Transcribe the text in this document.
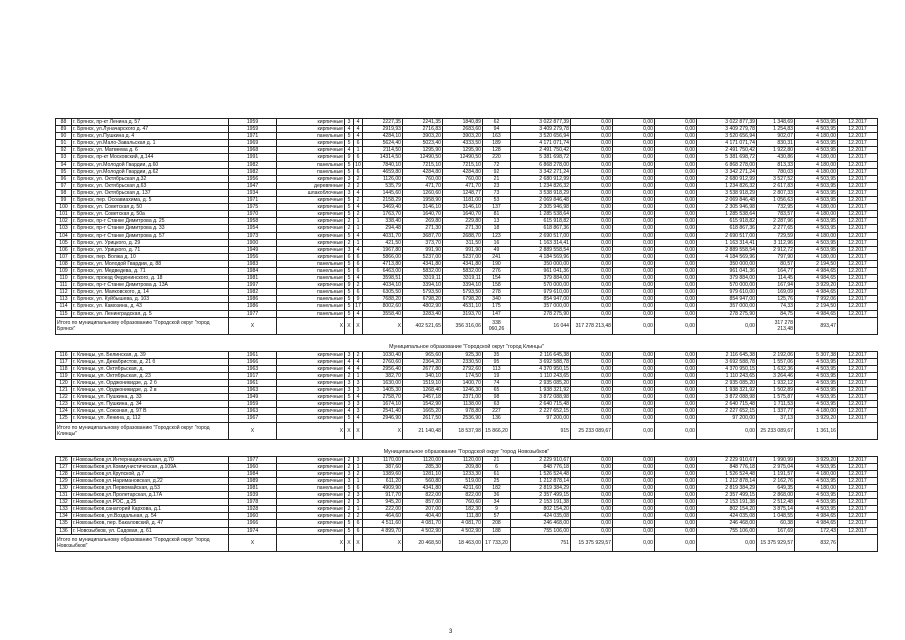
88	г. Брянск, пр-кт Ленина д. 57	1959	кирпичные	3	4	2227,35	2241,35	1840,89	62	3 022 877,39	0,00	0,00	0,00	3 022 877,39	1 348,69	4 503,95	12.2017	
89	г. Брянск, ул.Луначарского д. 47	1959	кирпичные	4	4	2919,93	2716,83	2683,60	94	3 409 279,78	0,00	0,00	0,00	3 409 279,78	1 254,83	4 503,95	12.2017	
90	г. Брянск, ул.Пушкина д. 4	1971	панельные	5	4	4284,10	3903,20	3903,20	163	3 520 656,94	0,00	0,00	0,00	3 520 656,94	902,07	4 180,00	12.2017	
91	г. Брянск, ул.Мало-Завальская д. 1	1969	кирпичные	5	6	5624,40	5023,40	4333,50	189	4 171 071,74	0,00	0,00	0,00	4 171 071,74	830,31	4 503,95	12.2017	
92	г. Брянск, ул. Матвеева д. 6	1968	кирпичные	4	1	2114,50	1295,90	1295,90	128	2 491 750,42	0,00	0,00	0,00	2 491 750,42	1 922,80	4 503,95	12.2017	
93	г. Брянск, пр-кт Московский, д.144	1991	кирпичные	9	6	14314,50	12490,50	12490,50	220	5 381 698,72	0,00	0,00	0,00	5 381 698,72	430,86	4 180,00	12.2017	
94	г. Брянск, ул.Молодой Гвардии, д.60	1982	панельные	5	10	7840,10	7215,10	7215,10	72	6 868 278,00	0,00	0,00	0,00	6 868 278,00	813,33	4 180,00	12.2017	
95	г. Брянск, ул.Молодой Гвардии, д.62	1982	панельные	5	6	4659,80	4284,80	4284,80	92	3 342 271,24	0,00	0,00	0,00	3 342 271,24	780,03	4 180,00	12.2017	
96	г. Брянск, ул. Октябрьская д.32	1956	кирпичные	3	2	1126,00	760,00	760,00	21	2 680 912,99	0,00	0,00	0,00	2 680 912,99	3 527,52	4 503,95	12.2017	
97	г. Брянск, ул. Октябрьская д.63	1947	деревянные	2	2	535,79	471,70	471,70	23	1 234 826,32	0,00	0,00	0,00	1 234 826,32	2 617,83	4 503,95	12.2017	
98	г. Брянск, ул. Октябрьская д. 137	1934	шлакоблочные	3	4	1445,60	1260,60	1248,77	73	3 538 918,29	0,00	0,00	0,00	3 538 918,29	2 807,33	4 503,95	12.2017	
99	г. Брянск, пер. Осоавиахима, д. 5	1971	кирпичные	5	2	2158,29	1958,90	1181,00	53	2 069 846,48	0,00	0,00	0,00	2 069 846,48	1 056,63	4 503,95	12.2017	
100	г. Брянск, ул. Советская д. 50	1975	кирпичные	5	4	3469,40	3146,10	3146,10	137	2 305 946,98	0,00	0,00	0,00	2 305 946,98	732,95	4 180,00	12.2017	
101	г. Брянск, ул. Советская д. 50а	1970	кирпичные	5	2	1763,70	1640,70	1640,70	81	1 285 538,64	0,00	0,00	0,00	1 285 538,64	783,57	4 180,00	12.2017	
102	г. Брянск, пр-т Станке Димитрова д. 25	1958	кирпичные	2	1	338,40	269,80	229,80	13	615 918,82	0,00	0,00	0,00	615 918,82	2 287,96	4 503,95	12.2017	
103	г. Брянск, пр-т Станке Димитрова д. 33	1954	кирпичные	2	1	294,48	271,30	271,30	18	618 867,36	0,00	0,00	0,00	618 867,36	2 277,65	4 503,95	12.2017	
104	г. Брянск, пр-т Станке Димитрова д. 57	1973	кирпичные	5	4	4031,70	3687,70	2688,70	123	2 690 517,00	0,00	0,00	0,00	2 690 517,00	729,59	4 180,00	12.2017	
105	г. Брянск, ул. Урицкого, д. 29	1900	кирпичные	2	1	421,50	373,70	311,50	16	1 163 314,41	0,00	0,00	0,00	1 163 314,41	3 112,96	4 503,95	12.2017	
106	г. Брянск, ул. Урицкого, д. 71	1949	кирпичные	3	4	1967,80	991,90	991,90	49	2 889 558,54	0,00	0,00	0,00	2 889 558,54	2 912,72	4 503,95	12.2017	
107	г. Брянск, пер. Волжа д. 10	1956	кирпичные	6	6	5866,00	5237,00	5237,00	241	4 184 569,96	0,00	0,00	0,00	4 184 569,96	797,90	4 180,00	12.2017	
108	г. Брянск, ул. Молодой Гвардии, д. 88	1983	панельные	5	6	4713,80	4341,80	4341,80	190	350 000,00	0,00	0,00	0,00	350 000,00	80,57	2 194,50	12.2017	
109	г. Брянск, ул. Медведева, д. 71	1984	панельные	5	6	6463,00	5832,00	5832,00	276	961 041,36	0,00	0,00	0,00	961 041,36	164,77	4 984,65	12.2017	
110	г. Брянск, проезд Федюнинского, д. 18	1981	панельные	5	4	3598,51	3319,11	3319,11	154	379 884,00	0,00	0,00	0,00	379 884,00	114,45	4 984,65	12.2017	
111	г. Брянск, пр-т Станке Димитрова д. 13А	1997	кирпичные	9	2	4034,10	3394,10	3394,10	158	570 000,00	0,00	0,00	0,00	570 000,00	167,94	3 929,20	12.2017	
112	г. Брянск, ул. Маяковского, д. 14	1982	панельные	5	6	6305,50	5793,50	5793,50	278	979 610,00	0,00	0,00	0,00	979 610,00	169,09	4 984,65	12.2017	
113	г. Брянск, ул. Куйбышева, д. 103	1986	панельные	5	9	7688,20	6798,20	6798,20	340	854 947,00	0,00	0,00	0,00	854 947,00	125,76	7 992,06	12.2017	
114	г. Брянск, ул. Камозина, д. 43	1986	панельные	5	17	8002,60	4802,90	4531,10	175	357 000,00	0,00	0,00	0,00	357 000,00	74,33	2 194,50	12.2017	
115	г. Брянск, ул. Ленинградская, д. 5	1977	панельные	5	4	3558,40	3283,40	3193,70	147	278 275,90	0,00	0,00	0,00	278 275,90	84,75	4 984,65	12.2017	
Итого по муниципальному образованию "Городской округ "город Брянск"		X	X	X	X	X	402 521,65	356 316,06	338 060,26	16 044	317 278 213,48	0,00	0,00	0,00	317 278 213,48	893,47		

Муниципальное образование "Городской округ "город Клинцы"																		
116	г. Клинцы, ул. Белинская, д. 39	1961	кирпичные	3	2	1030,40	965,60	925,30	35	2 116 645,38	0,00	0,00	0,00	2 116 645,38	2 192,06	5 307,38	12.2017	
117	г. Клинцы, ул. Декабристов, д. 21 б	1966	кирпичные	4	4	2760,60	2364,20	2330,50	95	3 692 588,78	0,00	0,00	0,00	3 692 588,78	1 557,06	4 503,95	12.2017	
118	г. Клинцы, ул. Октябрьская, д.	1963	кирпичные	4	4	2956,40	2677,80	2792,60	113	4 370 950,15	0,00	0,00	0,00	4 370 950,15	1 632,36	4 503,95	12.2017	
119	г. Клинцы, ул. Октябрьская, д. 23	1917	кирпичные	2	1	382,70	340,10	174,50	19	1 110 243,65	0,00	0,00	0,00	1 110 243,65	3 264,46	4 503,95	12.2017	
120	г. Клинцы, ул. Орджоникидзе, д. 2 б	1961	кирпичные	3	3	1630,00	1519,10	1400,70	74	2 935 085,20	0,00	0,00	0,00	2 935 085,20	1 932,12	4 503,95	12.2017	
121	г. Клинцы, ул. Орджоникидзе, д. 2 в	1963	кирпичные	3	3	1405,30	1268,40	1246,30	65	1 938 321,92	0,00	0,00	0,00	1 938 321,92	1 502,89	4 503,95	12.2017	
122	г. Клинцы, ул. Пушкина, д. 33	1949	кирпичные	5	4	2758,70	2457,18	2371,00	98	3 872 088,98	0,00	0,00	0,00	3 872 088,98	1 575,87	4 503,95	12.2017	
123	г. Клинцы, ул. Пушкина, д. 34	1959	кирпичные	3	3	1674,10	1542,90	1138,00	63	2 640 715,48	0,00	0,00	0,00	2 640 715,48	1 711,53	4 503,95	12.2017	
124	г. Клинцы, ул. Союзная, д. 97 В	1963	кирпичные	4	3	2541,40	1665,20	978,80	227	2 227 652,15	0,00	0,00	0,00	2 227 652,15	1 337,77	4 180,00	12.2017	
125	г. Клинцы, ул. Ленина, д. 112	1967	кирпичные	5	4	2946,90	2617,50	2536,90	136	97 200,00	0,00	0,00	0,00	97 200,00	37,13	3 929,20	12.2017	
Итого по муниципальному образованию "Городской округ "город Клинцы"		X	X	X	X	X	21 140,48	18 537,98	15 866,20	915	25 233 089,67	0,00	0,00	0,00	25 233 089,67	1 361,16		

Муниципальное образование "Городской округ "город Новозыбков"																		
126	г.Новозыбков,ул.Интернациональная, д.70	1977	кирпичные	2	3	1170,00	1120,00	1120,00	21	2 229 910,67	0,00	0,00	0,00	2 229 910,67	1 990,99	3 929,20	12.2017	
127	г.Новозыбков,ул.Коммунистическая, д.109А	1960	кирпичные	2	1	387,60	285,30	209,80	6	848 776,18	0,00	0,00	0,00	848 776,18	2 975,04	4 503,95	12.2017	
128	г.Новозыбков,ул.Крупской, д.7	1984	кирпичные	3	2	1389,60	1281,10	1233,30	61	1 526 524,48	0,00	0,00	0,00	1 526 524,48	1 191,57	4 180,00	12.2017	
129	г.Новозыбков,ул.Наримановская, д.22	1989	кирпичные	3	1	611,20	560,80	519,00	25	1 212 878,14	0,00	0,00	0,00	1 212 878,14	2 162,76	4 503,95	12.2017	
130	г.Новозыбков,ул.Первомайская, д.53	1981	панельные	5	6	4909,90	4341,80	4211,60	182	2 819 384,29	0,00	0,00	0,00	2 819 384,29	649,35	4 180,00	12.2017	
131	г.Новозыбков,ул.Пролетарская, д.17А	1939	кирпичные	2	3	917,70	822,00	822,00	36	2 357 499,15	0,00	0,00	0,00	2 357 499,15	2 868,00	4 503,95	12.2017	
132	г.Новозыбков,ул.РОС, д.25	1978	кирпичные	2	3	945,20	857,00	760,60	34	2 153 191,38	0,00	0,00	0,00	2 153 191,38	2 512,48	4 503,95	12.2017	
133	г.Новозыбков,санаторий Кархова, д.1	1928	кирпичные	2	1	222,00	207,00	182,30	9	802 154,20	0,00	0,00	0,00	802 154,20	3 875,14	4 503,95	12.2017	
134	г.Новозыбков, ул.Воздальная, д. 54	1960	кирпичные	2	2	464,60	404,40	111,80	57	424 035,08	0,00	0,00	0,00	424 035,08	1 048,55	4 984,65	12.2017	
135	г.Новозыбков, пер. Бакаловский, д. 47	1966	кирпичные	5	6	4 511,60	4 081,70	4 081,70	208	246 468,00	0,00	0,00	0,00	246 468,00	60,38	4 984,65	12.2017	
136	г. Новозыбков, ул. Садовая, д. 61	1974	кирпичные	5	6	4 899,70	4 502,90	4 502,90	188	755 106,00	0,00	0,00	0,00	755 106,00	167,69	172,43	12.2017	
Итого по муниципальному образованию "Городской округ "город Новозыбков"		X	X	X	X	X	20 468,50	18 463,00	17 733,20	751	15 375 929,57	0,00	0,00	0,00	15 375 929,57	832,76		
3
